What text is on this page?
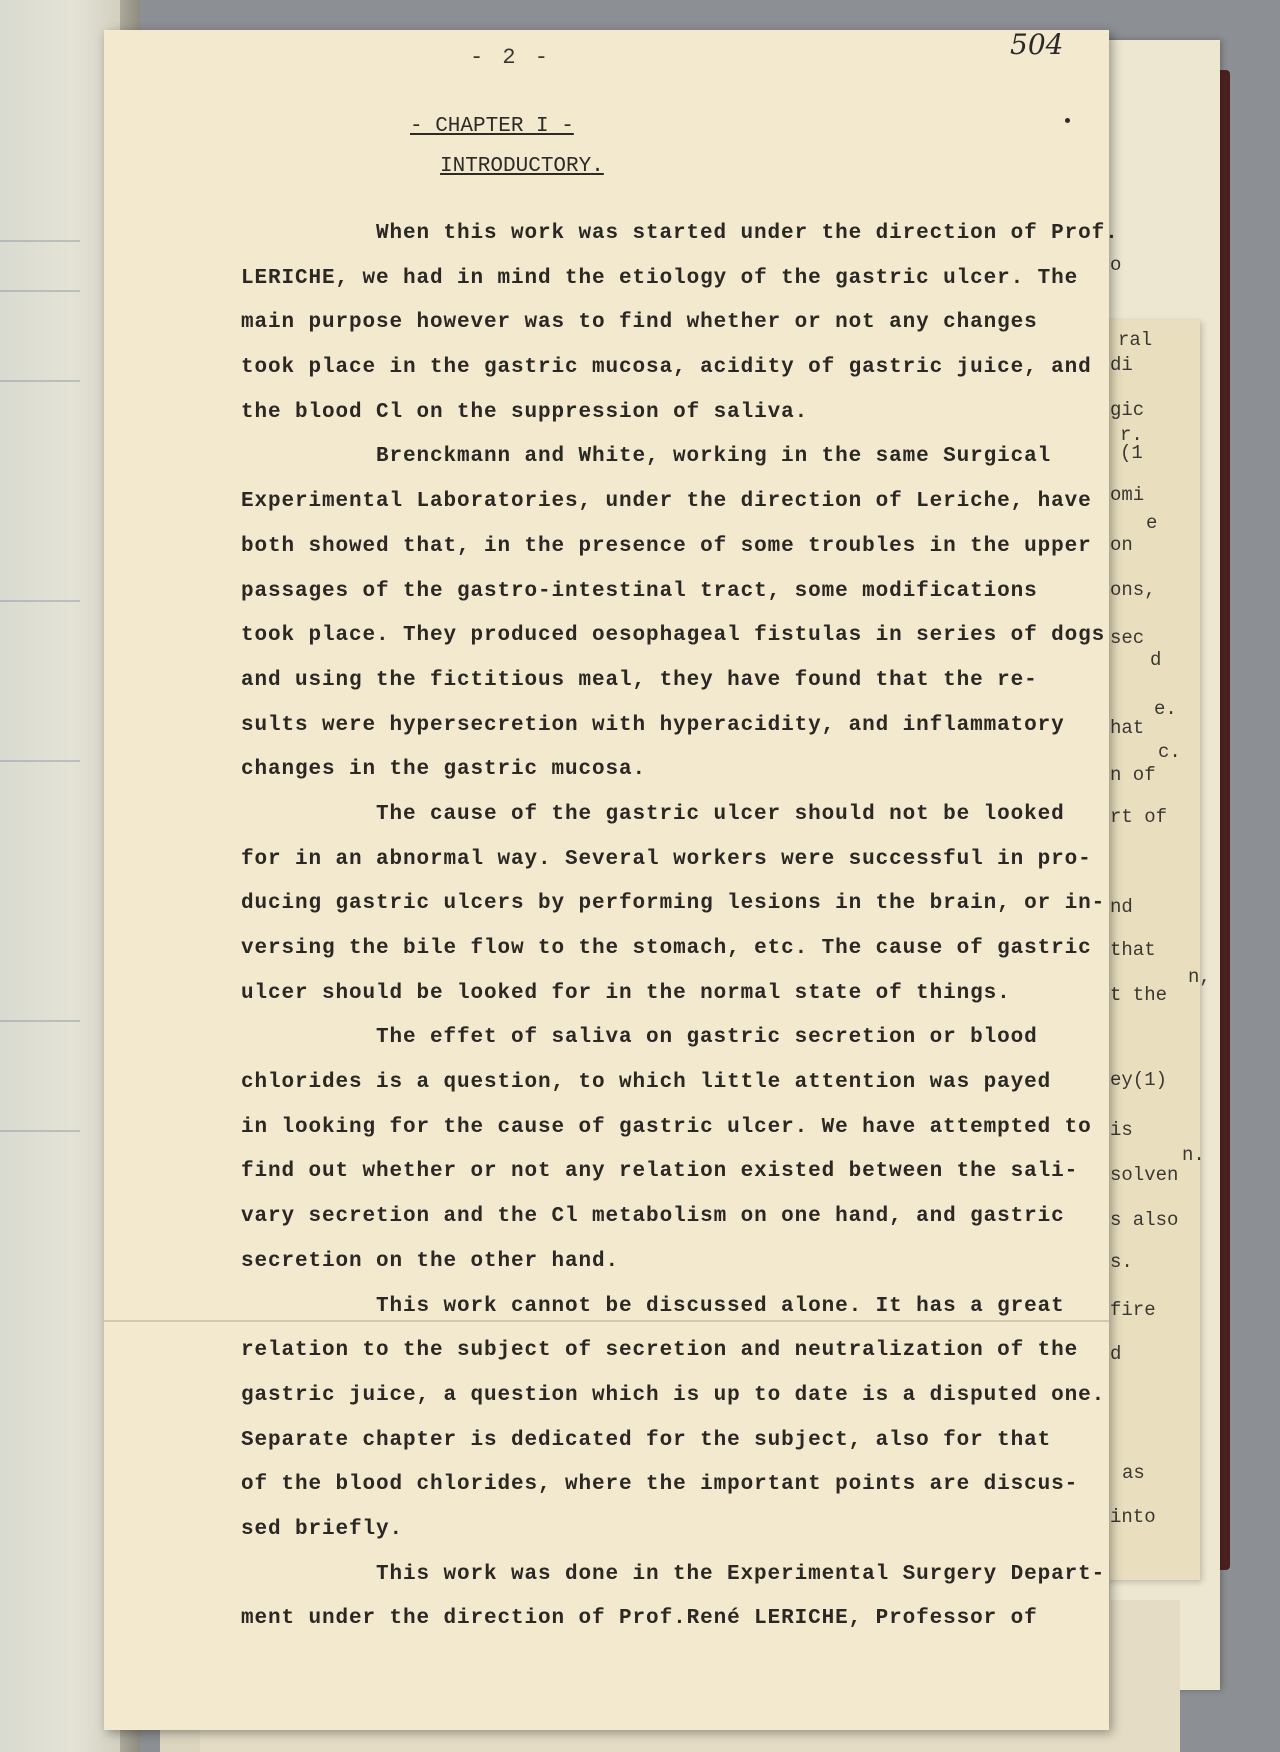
o
ral
di
gic
r.
(1
omi
e
on
ons,
sec
d
e.
hat
c.
n of
rt of
nd
that
n,
t the
ey(1)
is
n.
solven
s also
s.
fire
d
as
into
- 2 -	504
- CHAPTER I -
INTRODUCTORY.
When this work was started under the direction of Prof.
LERICHE, we had in mind the etiology of the gastric ulcer. The
main purpose however was to find whether or not any changes
took place in the gastric mucosa, acidity of gastric juice, and
the blood Cl on the suppression of saliva.
Brenckmann and White, working in the same Surgical
Experimental Laboratories, under the direction of Leriche, have
both showed that, in the presence of some troubles in the upper
passages of the gastro-intestinal tract, some modifications
took place. They produced oesophageal fistulas in series of dogs
and using the fictitious meal, they have found that the re-
sults were hypersecretion with hyperacidity, and inflammatory
changes in the gastric mucosa.
The cause of the gastric ulcer should not be looked
for in an abnormal way. Several workers were successful in pro-
ducing gastric ulcers by performing lesions in the brain, or in-
versing the bile flow to the stomach, etc. The cause of gastric
ulcer should be looked for in the normal state of things.
The effet of saliva on gastric secretion or blood
chlorides is a question, to which little attention was payed
in looking for the cause of gastric ulcer. We have attempted to
find out whether or not any relation existed between the sali-
vary secretion and the Cl metabolism on one hand, and gastric
secretion on the other hand.
This work cannot be discussed alone. It has a great
relation to the subject of secretion and neutralization of the
gastric juice, a question which is up to date is a disputed one.
Separate chapter is dedicated for the subject, also for that
of the blood chlorides, where the important points are discus-
sed briefly.
This work was done in the Experimental Surgery Depart-
ment under the direction of Prof.René LERICHE, Professor of
